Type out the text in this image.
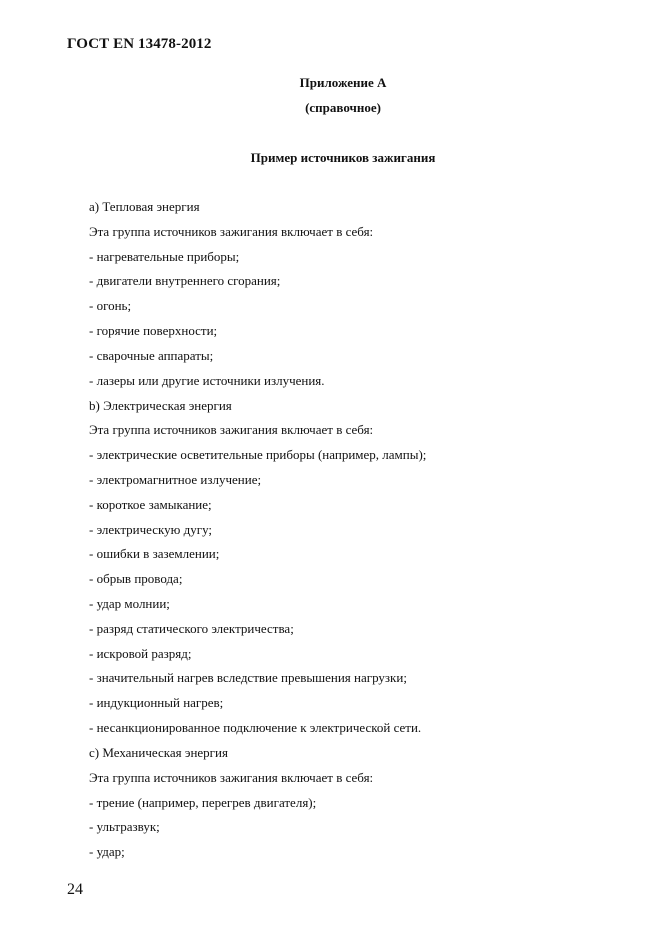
ГОСТ EN 13478-2012
Приложение А
(справочное)
Пример источников зажигания
а) Тепловая энергия
Эта группа источников зажигания включает в себя:
- нагревательные приборы;
- двигатели внутреннего сгорания;
- огонь;
- горячие поверхности;
- сварочные аппараты;
- лазеры или другие источники излучения.
b) Электрическая энергия
Эта группа источников зажигания включает в себя:
- электрические осветительные приборы (например, лампы);
- электромагнитное излучение;
- короткое замыкание;
- электрическую дугу;
- ошибки в заземлении;
- обрыв провода;
- удар молнии;
- разряд статического электричества;
- искровой разряд;
- значительный нагрев вследствие превышения нагрузки;
- индукционный нагрев;
- несанкционированное подключение к электрической сети.
с) Механическая энергия
Эта группа источников зажигания включает в себя:
- трение (например, перегрев двигателя);
- ультразвук;
- удар;
24
